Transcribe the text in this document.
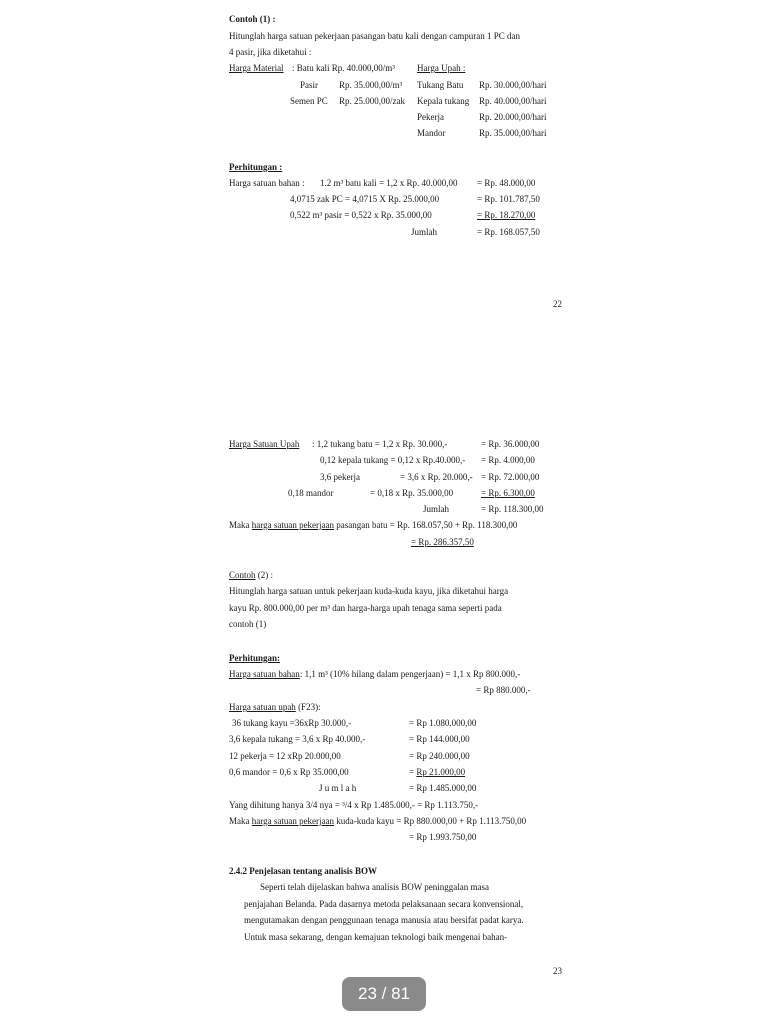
Contoh (1) :
Hitunglah harga satuan pekerjaan pasangan batu kali dengan campuran 1 PC dan
4 pasir, jika diketahui :
Harga Material : Batu kali Rp. 40.000,00/m³ Harga Upah :
Pasir Rp. 35.000,00/m³ Tukang Batu Rp. 30.000,00/hari
Semen PC Rp. 25.000,00/zak Kepala tukang Rp. 40.000,00/hari
Pekerja	Rp. 20.000,00/hari
Mandor	Rp. 35.000,00/hari
Perhitungan :
Harga satuan bahan : 1.2 m³ batu kali = 1,2 x Rp. 40.000,00 = Rp. 48.000,00
4,0715 zak PC = 4,0715 X Rp. 25.000,00	= Rp. 101.787,50
0,522 m³ pasir = 0,522 x Rp. 35.000,00	= Rp. 18.270,00
Jumlah	= Rp. 168.057,50
22
Harga Satuan Upah : 1,2 tukang batu = 1,2 x Rp. 30.000,-	= Rp. 36.000,00
0,12 kepala tukang = 0,12 x Rp.40.000,- = Rp. 4.000,00
3,6 pekerja	= 3,6 x Rp. 20.000,- = Rp. 72.000,00
0,18 mandor	= 0,18 x Rp. 35.000,00	= Rp. 6.300,00
Jumlah	= Rp. 118.300,00
Maka harga satuan pekerjaan pasangan batu = Rp. 168.057,50 + Rp. 118.300,00
= Rp. 286.357,50
Contoh (2) :
Hitunglah harga satuan untuk pekerjaan kuda-kuda kayu, jika diketahui harga
kayu Rp. 800.000,00 per m³ dan harga-harga upah tenaga sama seperti pada
contoh (1)
Perhitungan:
Harga satuan bahan: 1,1 m³ (10% hilang dalam pengerjaan) = 1,1 x Rp 800.000,-
= Rp 880.000,-
Harga satuan upah (F23):
36 tukang kayu =36xRp 30.000,-	= Rp 1.080.000,00
3,6 kepala tukang = 3,6 x Rp 40.000,-	= Rp 144.000,00
12 pekerja = 12 xRp 20.000,00	= Rp 240.000,00
0,6 mandor = 0,6 x Rp 35.000,00	= Rp 21.000,00
J u m l a h	= Rp 1.485.000,00
Yang dihitung hanya 3/4 nya = ³/4 x Rp 1.485.000,- = Rp 1.113.750,-
Maka harga satuan pekerjaan kuda-kuda kayu = Rp 880.000,00 + Rp 1.113.750,00
= Rp 1.993.750,00
2.4.2 Penjelasan tentang analisis BOW
Seperti telah dijelaskan bahwa analisis BOW peninggalan masa
penjajahan Belanda. Pada dasarnya metoda pelaksanaan secara konvensional,
mengutamakan dengan penggunaan tenaga manusia atau bersifat padat karya.
Untuk masa sekarang, dengan kemajuan teknologi baik mengenai bahan-
23
23 / 81
